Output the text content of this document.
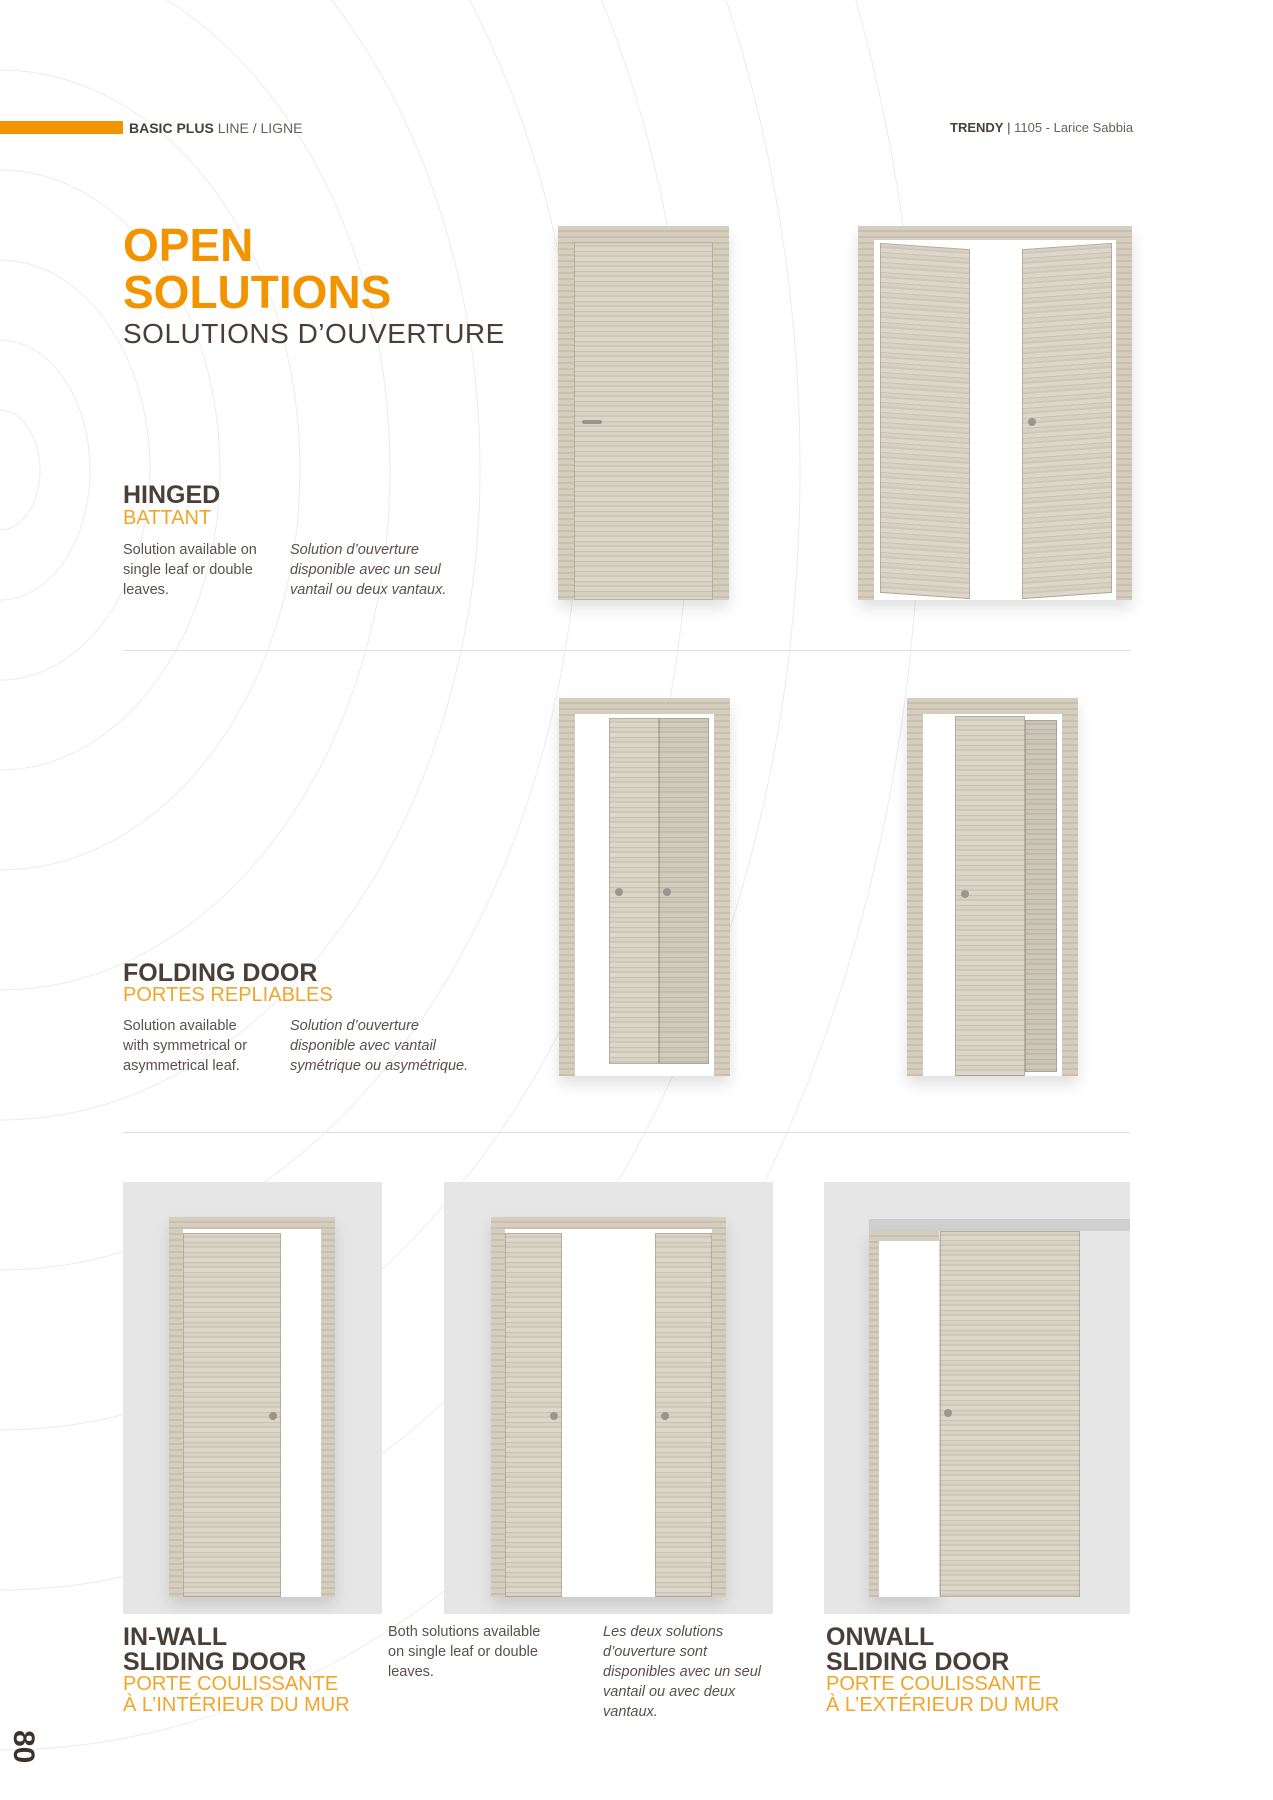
BASIC PLUS LINE / LIGNE	TRENDY | 1105 - Larice Sabbia
OPEN
SOLUTIONS
SOLUTIONS D’OUVERTURE
HINGED
BATTANT
Solution available on single leaf or double leaves.
Solution d’ouverture disponible avec un seul vantail ou deux vantaux.
FOLDING DOOR
PORTES REPLIABLES
Solution available with symmetrical or asymmetrical leaf.
Solution d’ouverture disponible avec vantail symétrique ou asymétrique.
IN-WALL
SLIDING DOOR
PORTE COULISSANTE
À L’INTÉRIEUR DU MUR
Both solutions available on single leaf or double leaves.
Les deux solutions d’ouverture sont disponibles avec un seul vantail ou avec deux vantaux.
ONWALL
SLIDING DOOR
PORTE COULISSANTE
À L’EXTÉRIEUR DU MUR
80
